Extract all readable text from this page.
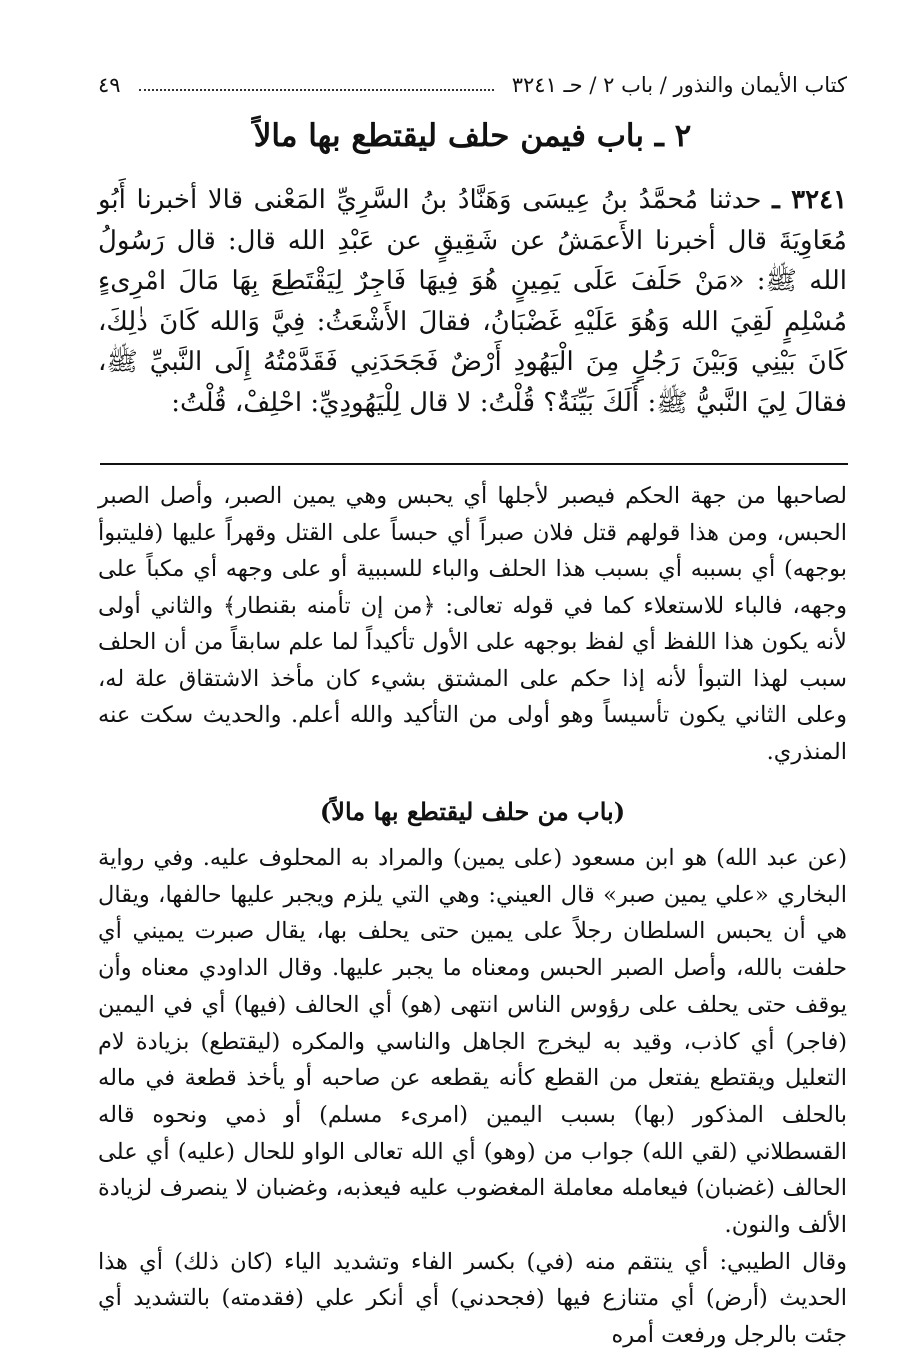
كتاب الأيمان والنذور / باب ٢ / حـ ٣٢٤١
٤٩
٢ ـ باب فيمن حلف ليقتطع بها مالاً
٣٢٤١ ـ حدثنا مُحمَّدُ بنُ عِيسَى وَهَنَّادُ بنُ السَّرِيِّ المَعْنى قالا أخبرنا أَبُو مُعَاوِيَةَ قال أخبرنا الأَعمَشُ عن شَقِيقٍ عن عَبْدِ الله قال: قال رَسُولُ الله ﷺ: «مَنْ حَلَفَ عَلَى يَمِينٍ هُوَ فِيهَا فَاجِرٌ لِيَقْتَطِعَ بِهَا مَالَ امْرِىءٍ مُسْلِمٍ لَقِيَ الله وَهُوَ عَلَيْهِ غَضْبَانُ، فقالَ الأَشْعَثُ: فِيَّ وَالله كَانَ ذٰلِكَ، كَانَ بَيْنِي وَبَيْنَ رَجُلٍ مِنَ الْيَهُودِ أَرْضٌ فَجَحَدَنِي فَقَدَّمْتُهُ إِلَى النَّبيِّ ﷺ، فقالَ لِيَ النَّبيُّ ﷺ: أَلَكَ بَيِّنَةٌ؟ قُلْتُ: لا قال لِلْيَهُودِيِّ: احْلِفْ، قُلْتُ:

لصاحبها من جهة الحكم فيصبر لأجلها أي يحبس وهي يمين الصبر، وأصل الصبر الحبس، ومن هذا قولهم قتل فلان صبراً أي حبساً على القتل وقهراً عليها (فليتبوأ بوجهه) أي بسببه أي بسبب هذا الحلف والباء للسببية أو على وجهه أي مكباً على وجهه، فالباء للاستعلاء كما في قوله تعالى: ﴿من إن تأمنه بقنطار﴾ والثاني أولى لأنه يكون هذا اللفظ أي لفظ بوجهه على الأول تأكيداً لما علم سابقاً من أن الحلف سبب لهذا التبوأ لأنه إذا حكم على المشتق بشيء كان مأخذ الاشتقاق علة له، وعلى الثاني يكون تأسيساً وهو أولى من التأكيد والله أعلم. والحديث سكت عنه المنذري.

(باب من حلف ليقتطع بها مالاً)

(عن عبد الله) هو ابن مسعود (على يمين) والمراد به المحلوف عليه. وفي رواية البخاري «علي يمين صبر» قال العيني: وهي التي يلزم ويجبر عليها حالفها، ويقال هي أن يحبس السلطان رجلاً على يمين حتى يحلف بها، يقال صبرت يميني أي حلفت بالله، وأصل الصبر الحبس ومعناه ما يجبر عليها. وقال الداودي معناه وأن يوقف حتى يحلف على رؤوس الناس انتهى (هو) أي الحالف (فيها) أي في اليمين (فاجر) أي كاذب، وقيد به ليخرج الجاهل والناسي والمكره (ليقتطع) بزيادة لام التعليل ويقتطع يفتعل من القطع كأنه يقطعه عن صاحبه أو يأخذ قطعة في ماله بالحلف المذكور (بها) بسبب اليمين (امرىء مسلم) أو ذمي ونحوه قاله القسطلاني (لقي الله) جواب من (وهو) أي الله تعالى الواو للحال (عليه) أي على الحالف (غضبان) فيعامله معاملة المغضوب عليه فيعذبه، وغضبان لا ينصرف لزيادة الألف والنون.

وقال الطيبي: أي ينتقم منه (في) بكسر الفاء وتشديد الياء (كان ذلك) أي هذا الحديث (أرض) أي متنازع فيها (فجحدني) أي أنكر علي (فقدمته) بالتشديد أي جئت بالرجل ورفعت أمره
